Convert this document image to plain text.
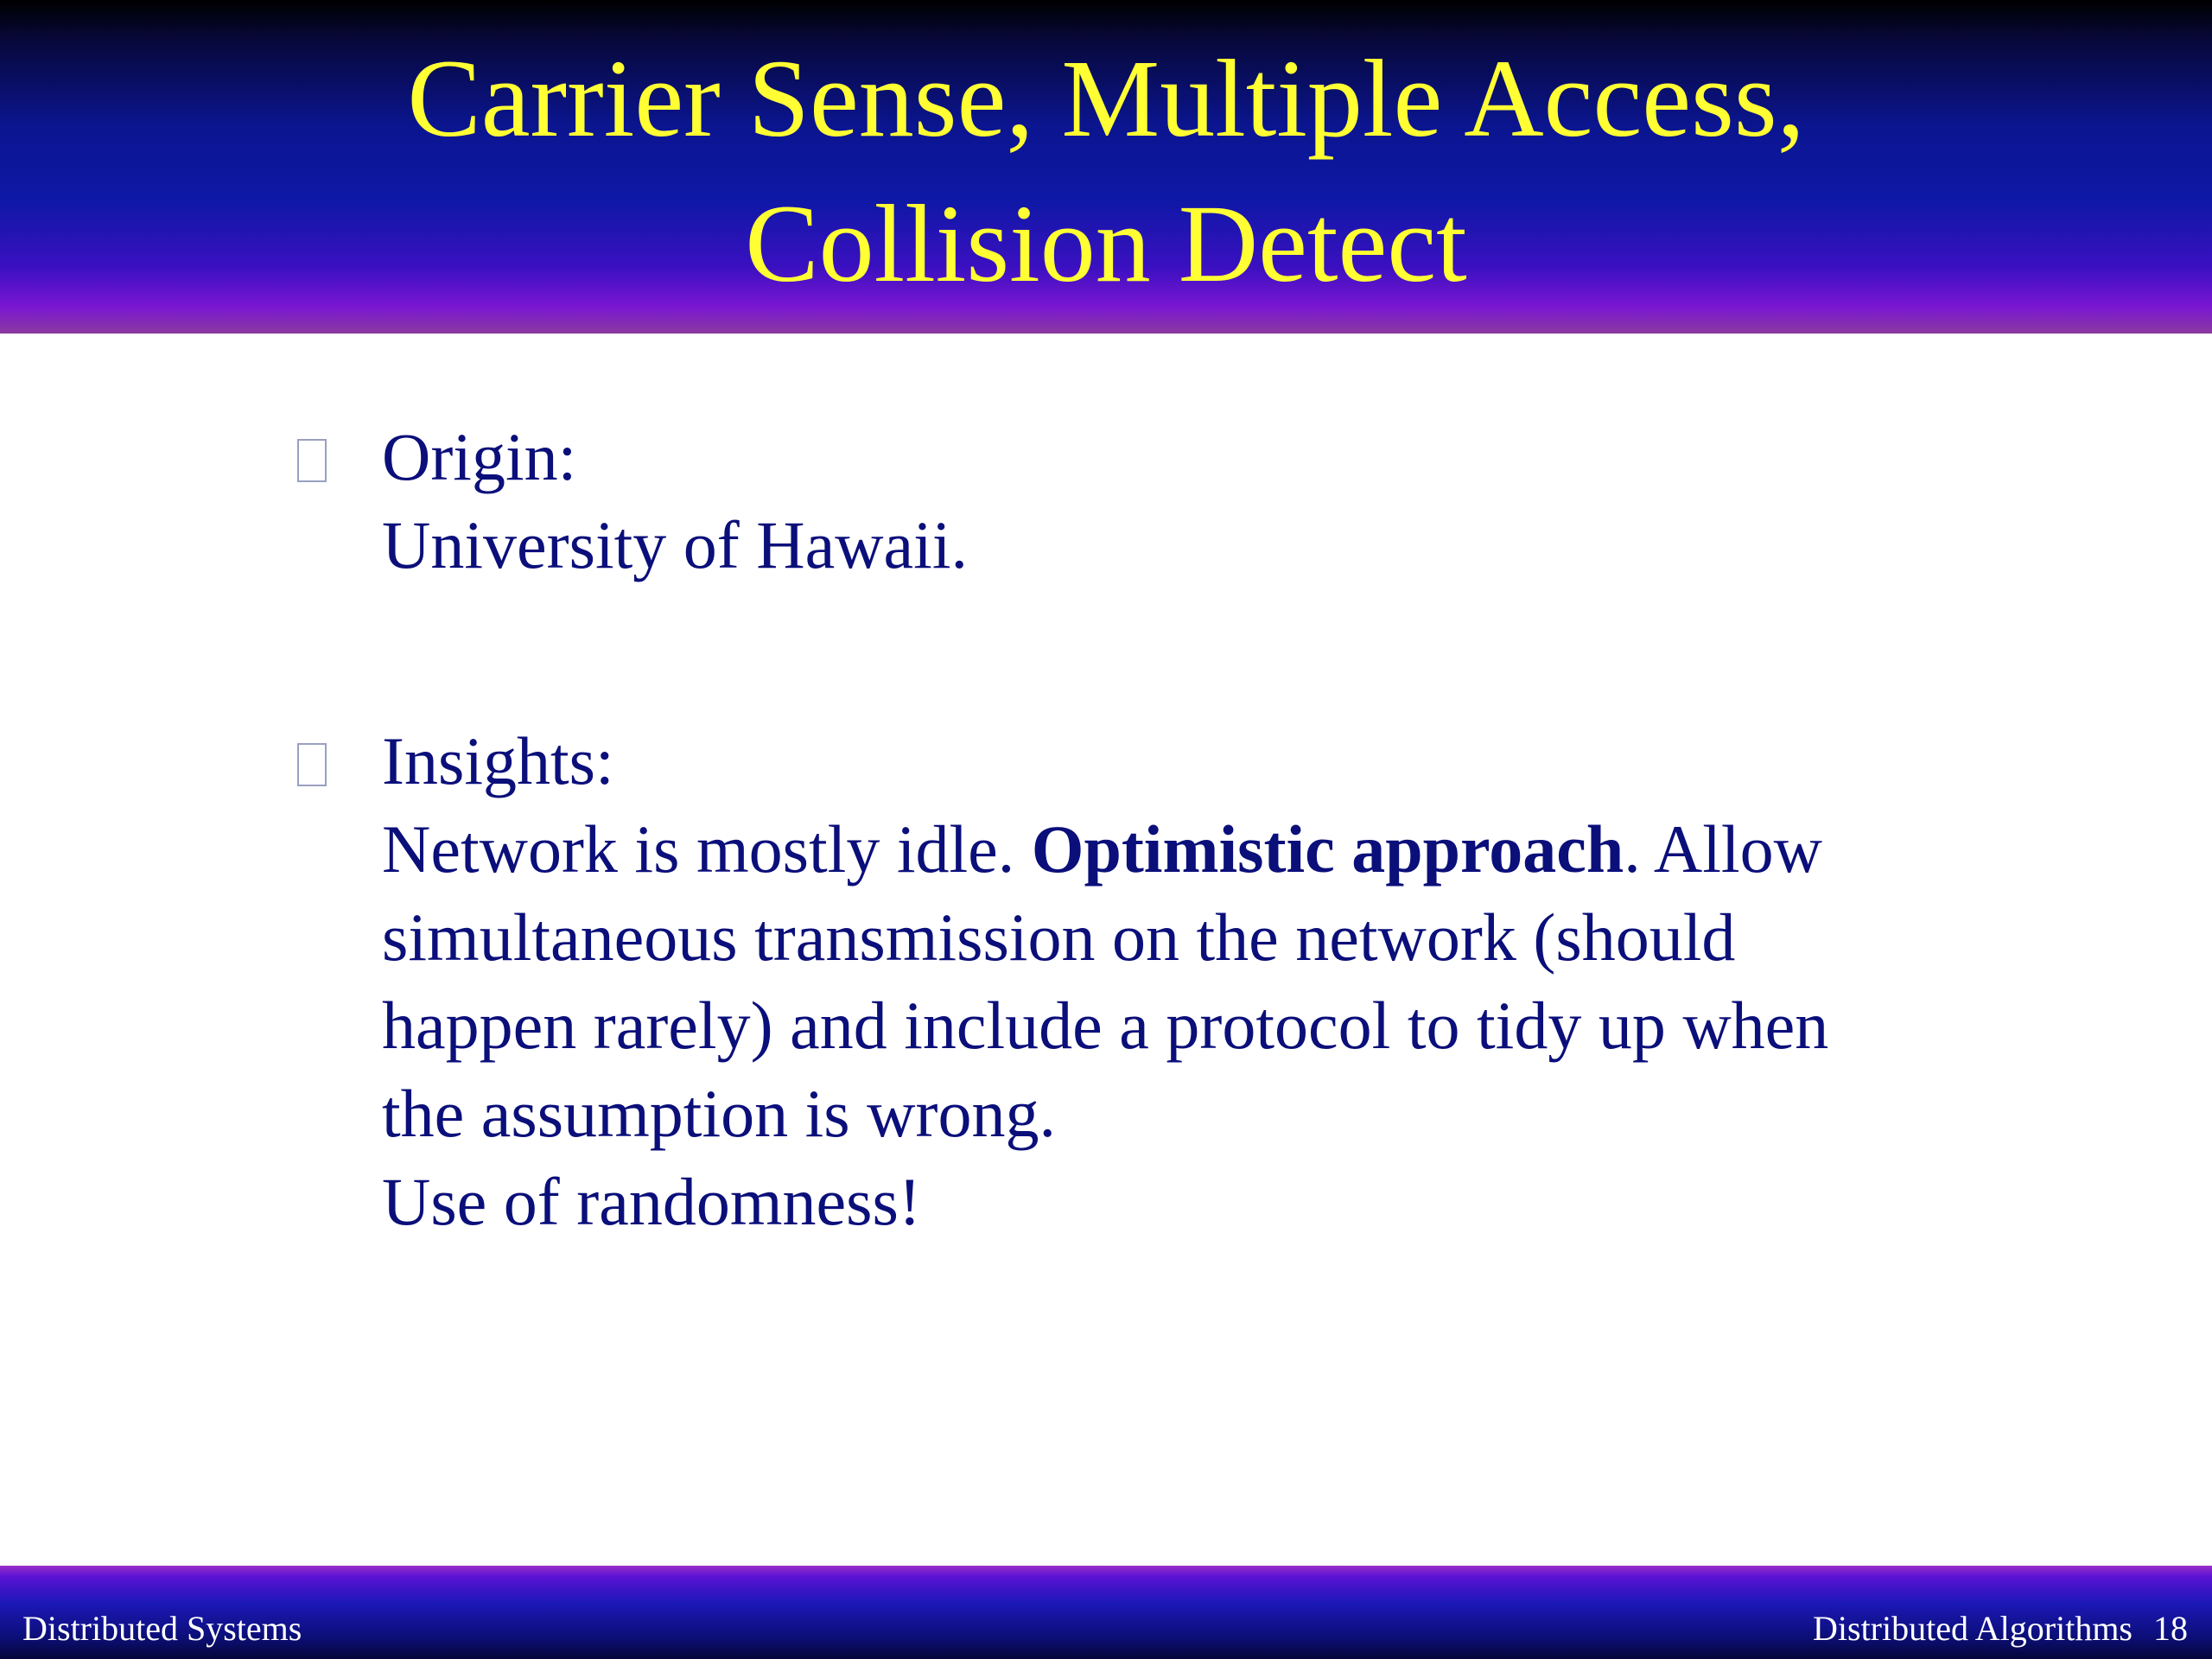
Carrier Sense, Multiple Access,
Collision Detect
Origin:
University of Hawaii.
Insights:
Network is mostly idle. Optimistic approach. Allow
simultaneous transmission on the network (should
happen rarely) and include a protocol to tidy up when
the assumption is wrong.
Use of randomness!
Distributed Systems	Distributed Algorithms 18
